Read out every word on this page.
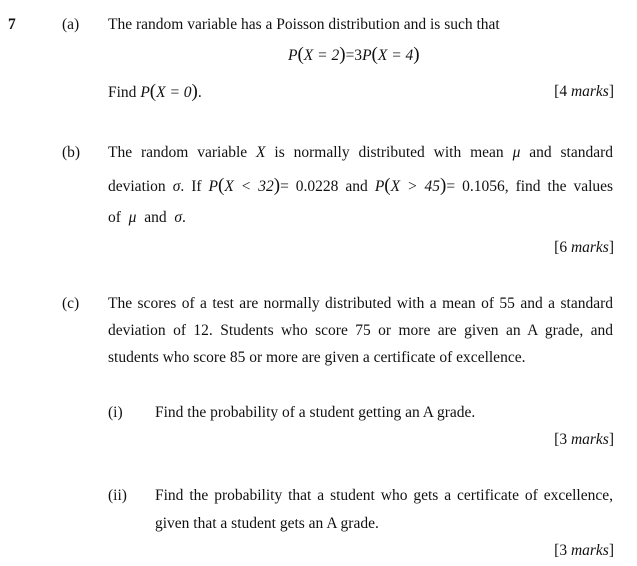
7	(a) The random variable has a Poisson distribution and is such that
P(X = 2)=3P(X = 4)
Find P(X = 0).	[4 marks]
(b) The random variable X is normally distributed with mean μ and standard
deviation σ. If P(X < 32)= 0.0228 and P(X > 45)= 0.1056, find the values
of μ and σ.
[6 marks]
(c) The scores of a test are normally distributed with a mean of 55 and a standard
deviation of 12. Students who score 75 or more are given an A grade, and
students who score 85 or more are given a certificate of excellence.
(i) Find the probability of a student getting an A grade.
[3 marks]
(ii) Find the probability that a student who gets a certificate of excellence,
given that a student gets an A grade.
[3 marks]
